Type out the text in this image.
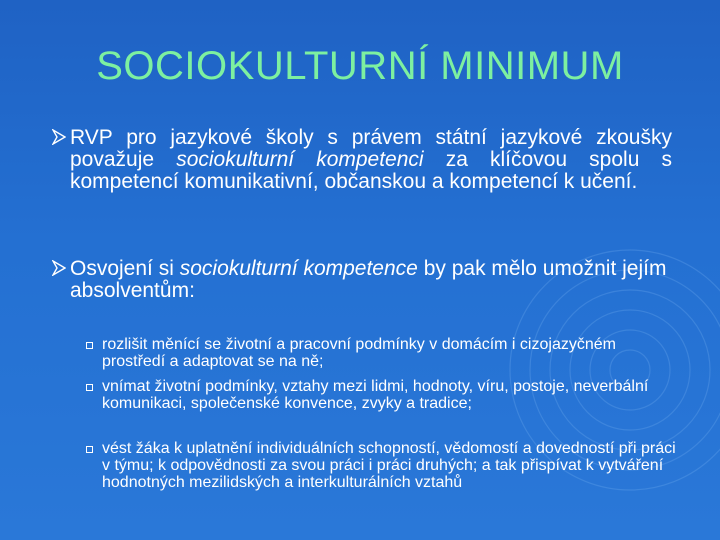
SOCIOKULTURNÍ MINIMUM
RVP pro jazykové školy s právem státní jazykové zkoušky považuje sociokulturní kompetenci za klíčovou spolu s kompetencí komunikativní, občanskou a kompetencí k učení.
Osvojení si sociokulturní kompetence by pak mělo umožnit jejím absolventům:
rozlišit měnící se životní a pracovní podmínky v domácím i cizojazyčném prostředí a adaptovat se na ně;
vnímat životní podmínky, vztahy mezi lidmi, hodnoty, víru, postoje, neverbální komunikaci, společenské konvence, zvyky a tradice;
vést žáka k uplatnění individuálních schopností, vědomostí a dovedností při práci v týmu; k odpovědnosti za svou práci i práci druhých; a tak přispívat k vytváření hodnotných mezilidských a interkulturálních vztahů
